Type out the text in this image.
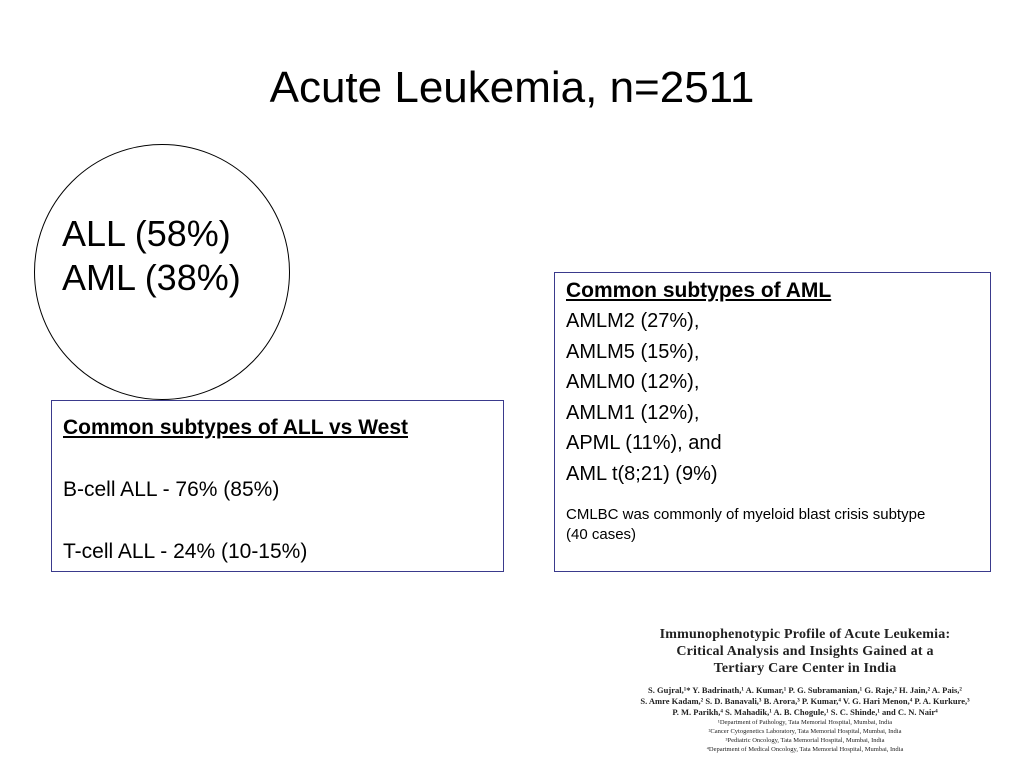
Acute Leukemia, n=2511
ALL (58%)
AML (38%)
Common subtypes of ALL vs West
B-cell ALL - 76% (85%)
T-cell ALL - 24% (10-15%)
Common subtypes of AML
AMLM2 (27%),
AMLM5 (15%),
AMLM0 (12%),
AMLM1 (12%),
APML (11%), and
AML t(8;21) (9%)
CMLBC was commonly of myeloid blast crisis subtype (40 cases)
Immunophenotypic Profile of Acute Leukemia:
Critical Analysis and Insights Gained at a
Tertiary Care Center in India
S. Gujral,¹* Y. Badrinath,¹ A. Kumar,¹ P. G. Subramanian,¹ G. Raje,² H. Jain,² A. Pais,²
S. Amre Kadam,² S. D. Banavali,³ B. Arora,³ P. Kumar,⁴ V. G. Hari Menon,⁴ P. A. Kurkure,³
P. M. Parikh,⁴ S. Mahadik,¹ A. B. Chogule,¹ S. C. Shinde,¹ and C. N. Nair⁴
¹Department of Pathology, Tata Memorial Hospital, Mumbai, India
²Cancer Cytogenetics Laboratory, Tata Memorial Hospital, Mumbai, India
³Pediatric Oncology, Tata Memorial Hospital, Mumbai, India
⁴Department of Medical Oncology, Tata Memorial Hospital, Mumbai, India
